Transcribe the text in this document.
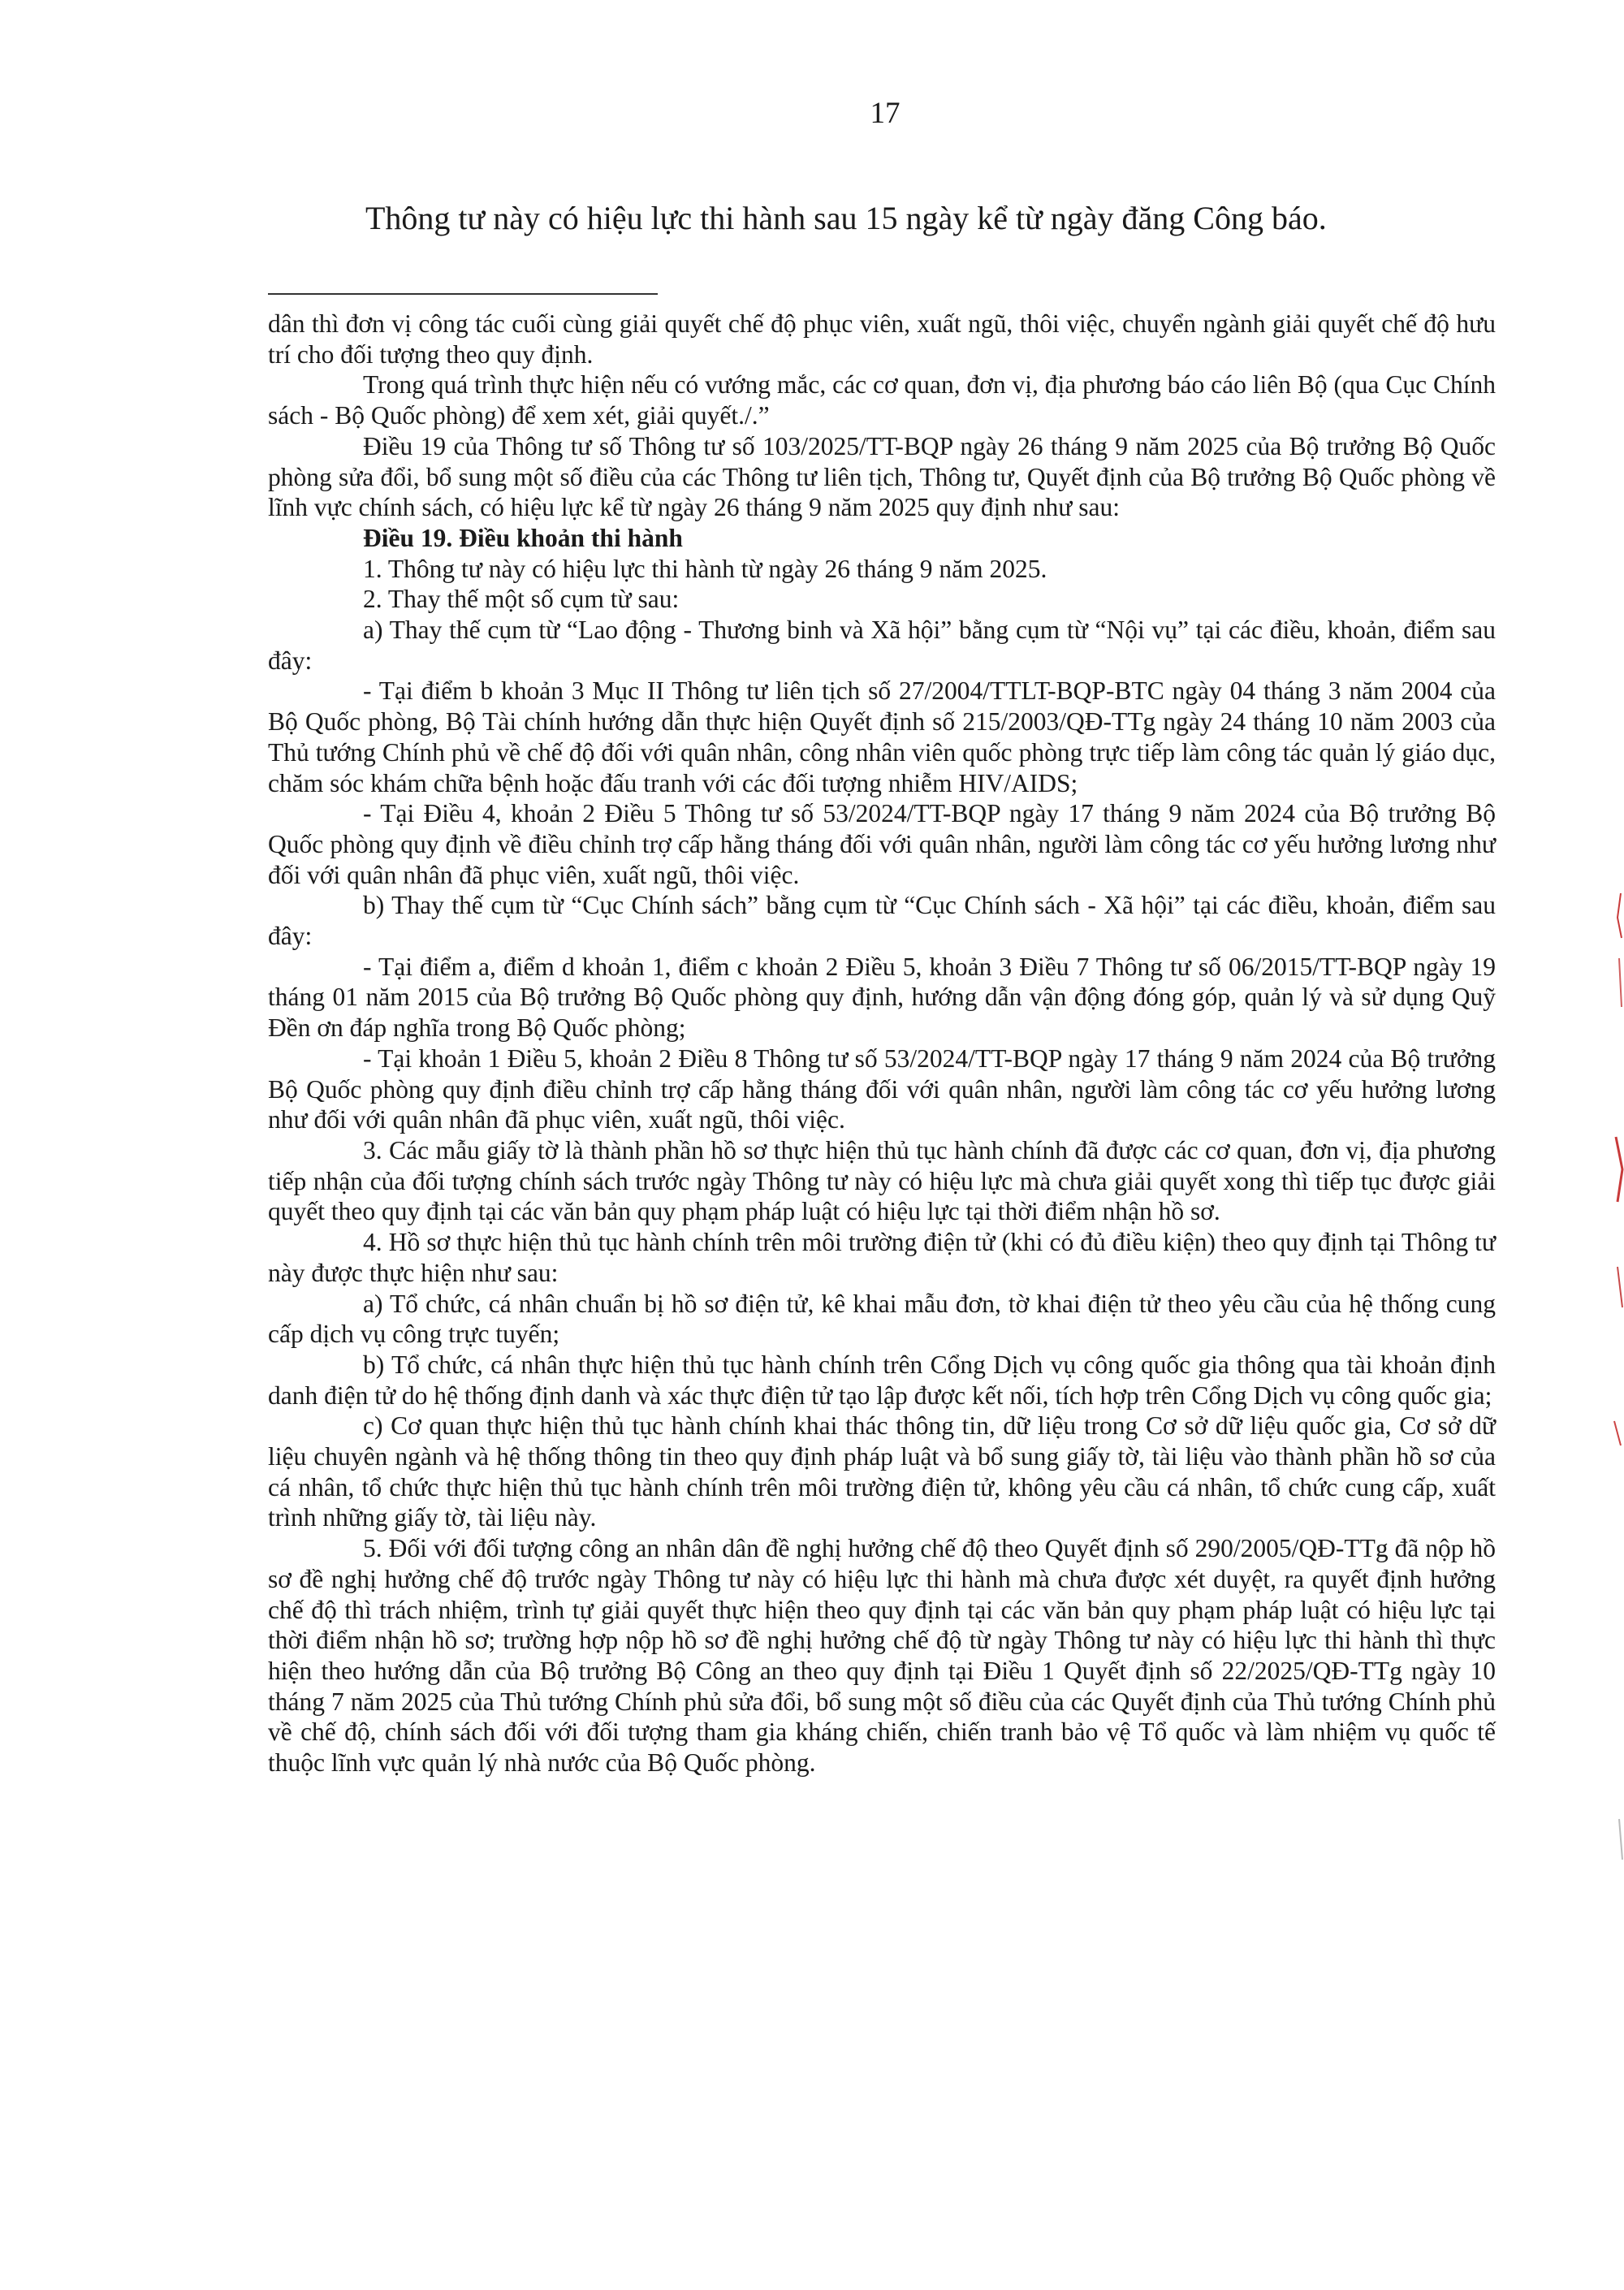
17
Thông tư này có hiệu lực thi hành sau 15 ngày kể từ ngày đăng Công báo.

dân thì đơn vị công tác cuối cùng giải quyết chế độ phục viên, xuất ngũ, thôi việc, chuyển ngành giải quyết chế độ hưu trí cho đối tượng theo quy định.

Trong quá trình thực hiện nếu có vướng mắc, các cơ quan, đơn vị, địa phương báo cáo liên Bộ (qua Cục Chính sách - Bộ Quốc phòng) để xem xét, giải quyết./.”

Điều 19 của Thông tư số Thông tư số 103/2025/TT-BQP ngày 26 tháng 9 năm 2025 của Bộ trưởng Bộ Quốc phòng sửa đổi, bổ sung một số điều của các Thông tư liên tịch, Thông tư, Quyết định của Bộ trưởng Bộ Quốc phòng về lĩnh vực chính sách, có hiệu lực kể từ ngày 26 tháng 9 năm 2025 quy định như sau:

Điều 19. Điều khoản thi hành

1. Thông tư này có hiệu lực thi hành từ ngày 26 tháng 9 năm 2025.

2. Thay thế một số cụm từ sau:

a) Thay thế cụm từ “Lao động - Thương binh và Xã hội” bằng cụm từ “Nội vụ” tại các điều, khoản, điểm sau đây:

- Tại điểm b khoản 3 Mục II Thông tư liên tịch số 27/2004/TTLT-BQP-BTC ngày 04 tháng 3 năm 2004 của Bộ Quốc phòng, Bộ Tài chính hướng dẫn thực hiện Quyết định số 215/2003/QĐ-TTg ngày 24 tháng 10 năm 2003 của Thủ tướng Chính phủ về chế độ đối với quân nhân, công nhân viên quốc phòng trực tiếp làm công tác quản lý giáo dục, chăm sóc khám chữa bệnh hoặc đấu tranh với các đối tượng nhiễm HIV/AIDS;

- Tại Điều 4, khoản 2 Điều 5 Thông tư số 53/2024/TT-BQP ngày 17 tháng 9 năm 2024 của Bộ trưởng Bộ Quốc phòng quy định về điều chỉnh trợ cấp hằng tháng đối với quân nhân, người làm công tác cơ yếu hưởng lương như đối với quân nhân đã phục viên, xuất ngũ, thôi việc.

b) Thay thế cụm từ “Cục Chính sách” bằng cụm từ “Cục Chính sách - Xã hội” tại các điều, khoản, điểm sau đây:

- Tại điểm a, điểm d khoản 1, điểm c khoản 2 Điều 5, khoản 3 Điều 7 Thông tư số 06/2015/TT-BQP ngày 19 tháng 01 năm 2015 của Bộ trưởng Bộ Quốc phòng quy định, hướng dẫn vận động đóng góp, quản lý và sử dụng Quỹ Đền ơn đáp nghĩa trong Bộ Quốc phòng;

- Tại khoản 1 Điều 5, khoản 2 Điều 8 Thông tư số 53/2024/TT-BQP ngày 17 tháng 9 năm 2024 của Bộ trưởng Bộ Quốc phòng quy định điều chỉnh trợ cấp hằng tháng đối với quân nhân, người làm công tác cơ yếu hưởng lương như đối với quân nhân đã phục viên, xuất ngũ, thôi việc.

3. Các mẫu giấy tờ là thành phần hồ sơ thực hiện thủ tục hành chính đã được các cơ quan, đơn vị, địa phương tiếp nhận của đối tượng chính sách trước ngày Thông tư này có hiệu lực mà chưa giải quyết xong thì tiếp tục được giải quyết theo quy định tại các văn bản quy phạm pháp luật có hiệu lực tại thời điểm nhận hồ sơ.

4. Hồ sơ thực hiện thủ tục hành chính trên môi trường điện tử (khi có đủ điều kiện) theo quy định tại Thông tư này được thực hiện như sau:

a) Tổ chức, cá nhân chuẩn bị hồ sơ điện tử, kê khai mẫu đơn, tờ khai điện tử theo yêu cầu của hệ thống cung cấp dịch vụ công trực tuyến;

b) Tổ chức, cá nhân thực hiện thủ tục hành chính trên Cổng Dịch vụ công quốc gia thông qua tài khoản định danh điện tử do hệ thống định danh và xác thực điện tử tạo lập được kết nối, tích hợp trên Cổng Dịch vụ công quốc gia;

c) Cơ quan thực hiện thủ tục hành chính khai thác thông tin, dữ liệu trong Cơ sở dữ liệu quốc gia, Cơ sở dữ liệu chuyên ngành và hệ thống thông tin theo quy định pháp luật và bổ sung giấy tờ, tài liệu vào thành phần hồ sơ của cá nhân, tổ chức thực hiện thủ tục hành chính trên môi trường điện tử, không yêu cầu cá nhân, tổ chức cung cấp, xuất trình những giấy tờ, tài liệu này.

5. Đối với đối tượng công an nhân dân đề nghị hưởng chế độ theo Quyết định số 290/2005/QĐ-TTg đã nộp hồ sơ đề nghị hưởng chế độ trước ngày Thông tư này có hiệu lực thi hành mà chưa được xét duyệt, ra quyết định hưởng chế độ thì trách nhiệm, trình tự giải quyết thực hiện theo quy định tại các văn bản quy phạm pháp luật có hiệu lực tại thời điểm nhận hồ sơ; trường hợp nộp hồ sơ đề nghị hưởng chế độ từ ngày Thông tư này có hiệu lực thi hành thì thực hiện theo hướng dẫn của Bộ trưởng Bộ Công an theo quy định tại Điều 1 Quyết định số 22/2025/QĐ-TTg ngày 10 tháng 7 năm 2025 của Thủ tướng Chính phủ sửa đổi, bổ sung một số điều của các Quyết định của Thủ tướng Chính phủ về chế độ, chính sách đối với đối tượng tham gia kháng chiến, chiến tranh bảo vệ Tổ quốc và làm nhiệm vụ quốc tế thuộc lĩnh vực quản lý nhà nước của Bộ Quốc phòng.
